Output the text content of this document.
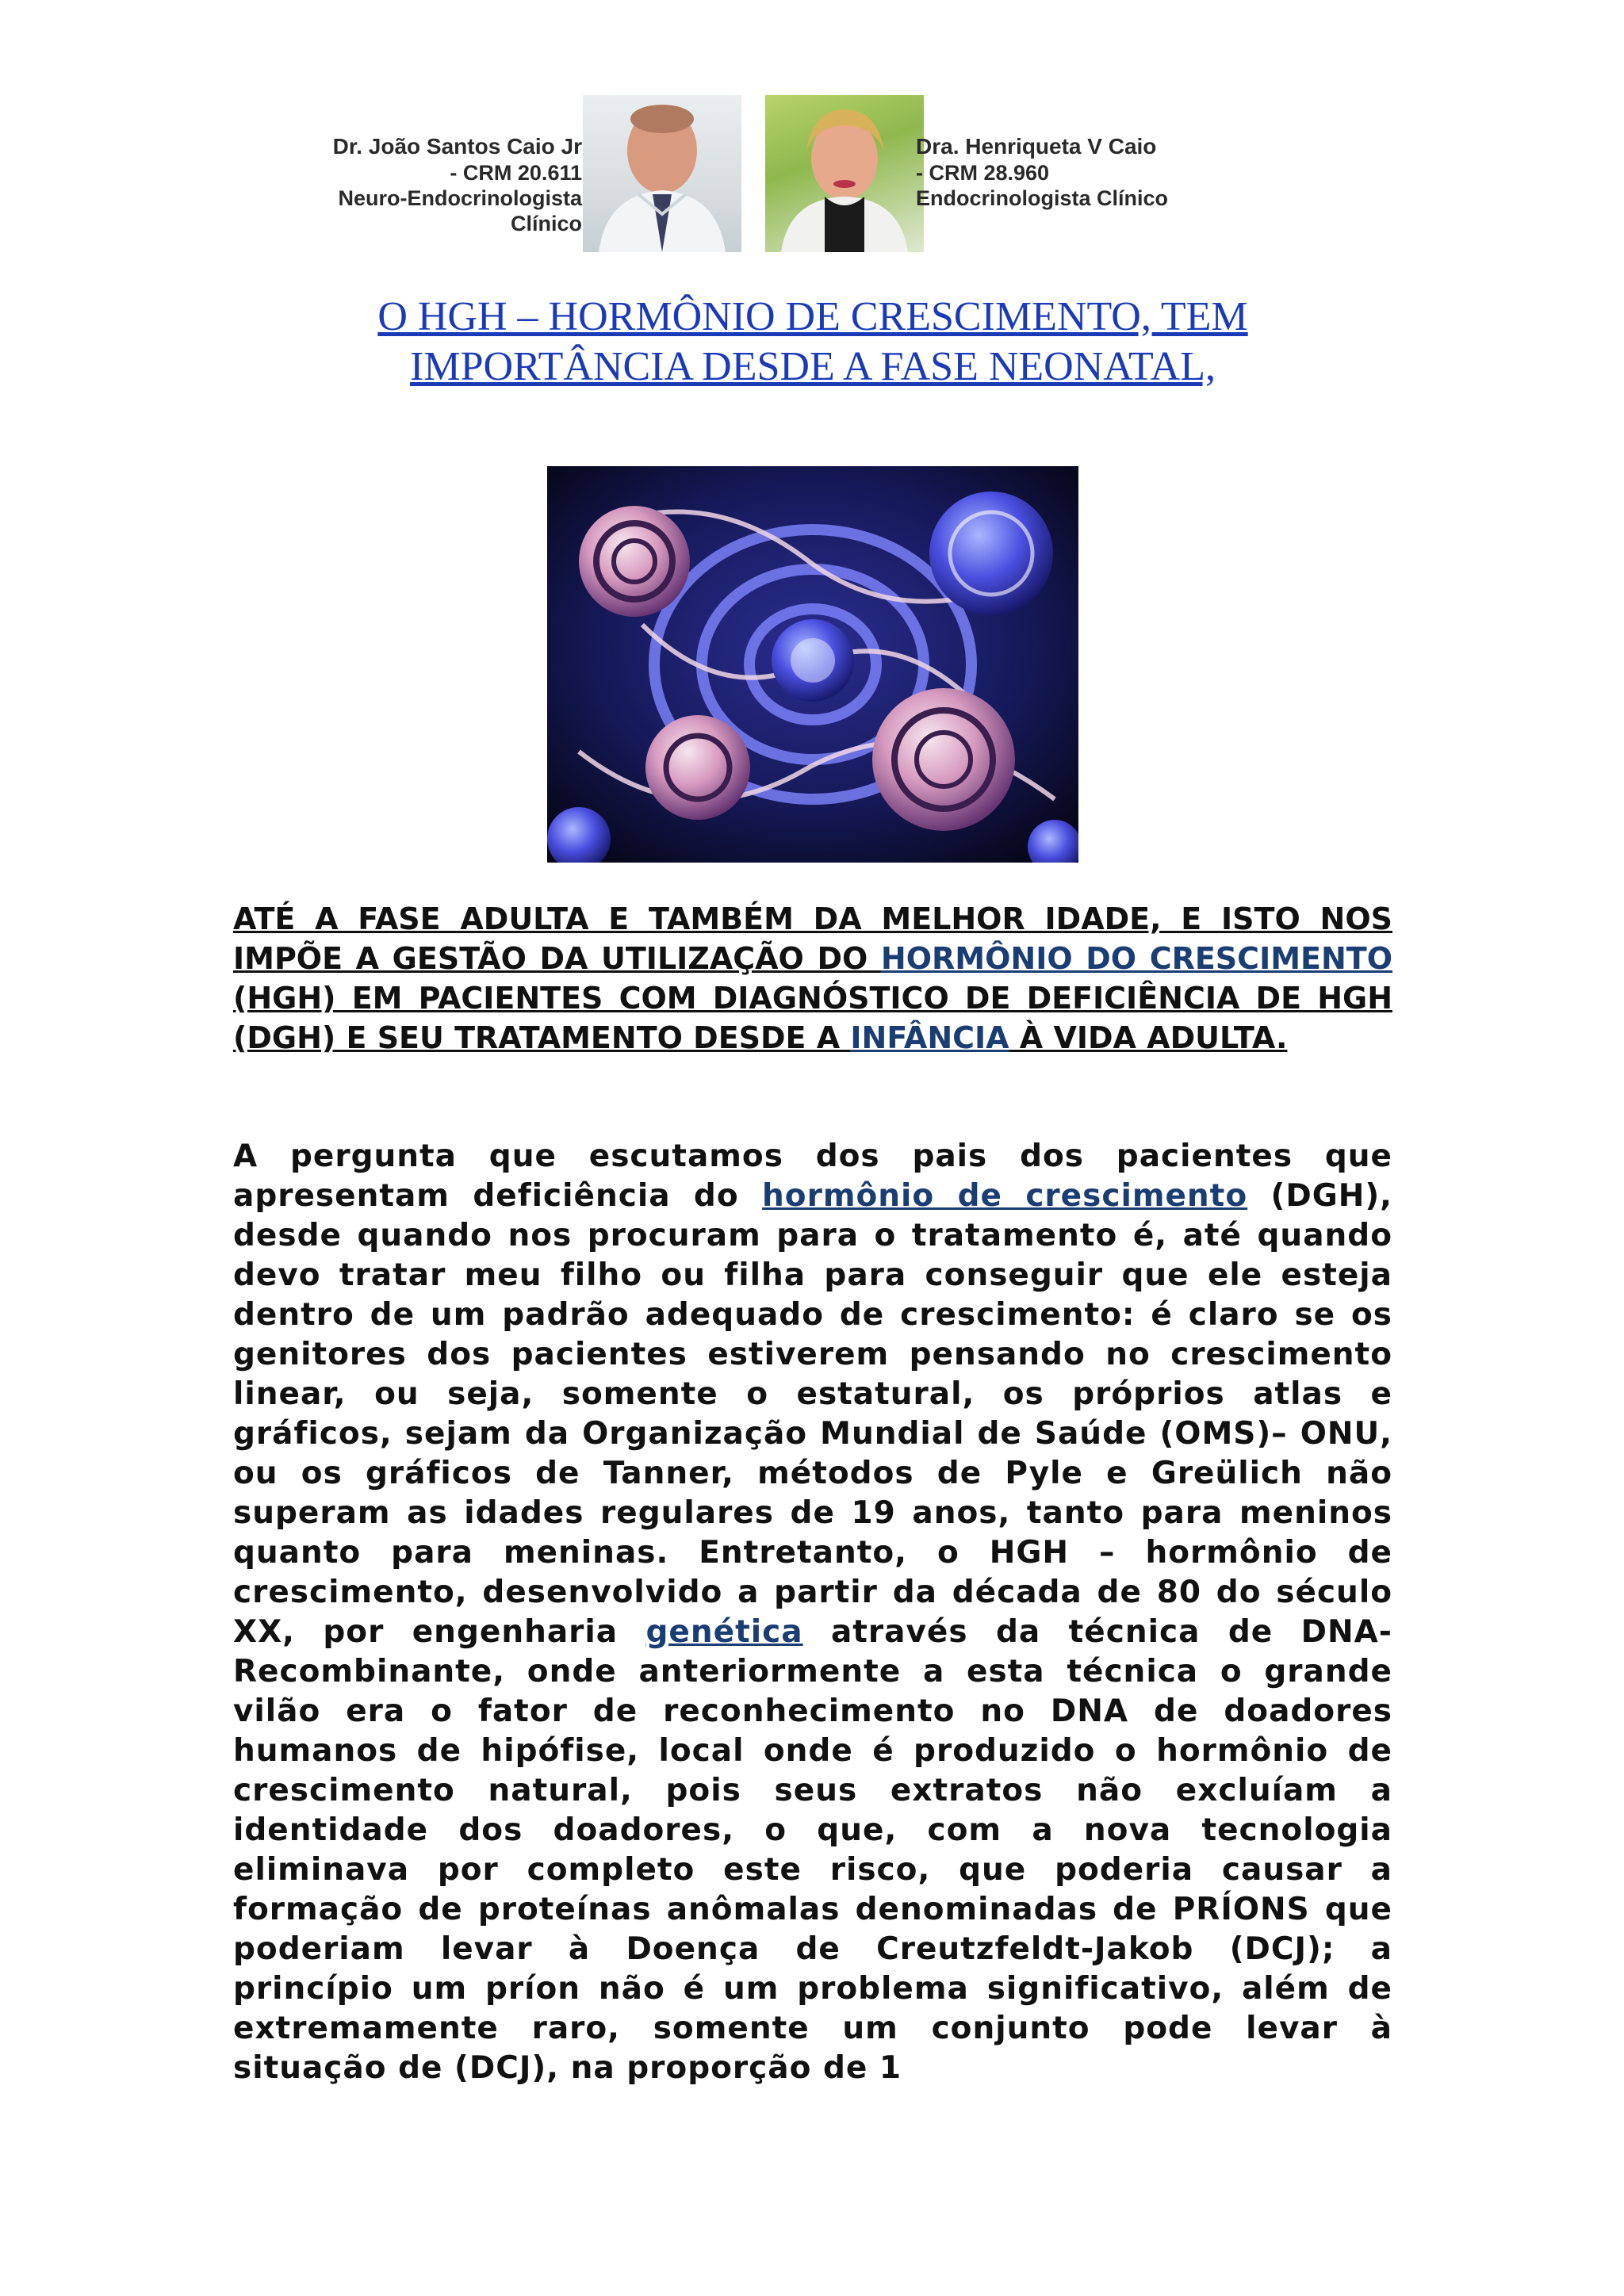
Dr. João Santos Caio Jr
- CRM 20.611
Neuro-Endocrinologista Clínico
Dra. Henriqueta V Caio
- CRM 28.960
Endocrinologista Clínico
O HGH – HORMÔNIO DE CRESCIMENTO, TEM
IMPORTÂNCIA DESDE A FASE NEONATAL,
ATÉ A FASE ADULTA E TAMBÉM DA MELHOR IDADE, E ISTO NOS IMPÕE A GESTÃO DA UTILIZAÇÃO DO HORMÔNIO DO CRESCIMENTO (HGH) EM PACIENTES COM DIAGNÓSTICO DE DEFICIÊNCIA DE HGH (DGH) E SEU TRATAMENTO DESDE A INFÂNCIA À VIDA ADULTA.
A pergunta que escutamos dos pais dos pacientes que apresentam deficiência do hormônio de crescimento (DGH), desde quando nos procuram para o tratamento é, até quando devo tratar meu filho ou filha para conseguir que ele esteja dentro de um padrão adequado de crescimento: é claro se os genitores dos pacientes estiverem pensando no crescimento linear, ou seja, somente o estatural, os próprios atlas e gráficos, sejam da Organização Mundial de Saúde (OMS)– ONU, ou os gráficos de Tanner, métodos de Pyle e Greülich não superam as idades regulares de 19 anos, tanto para meninos quanto para meninas. Entretanto, o HGH – hormônio de crescimento, desenvolvido a partir da década de 80 do século XX, por engenharia genética através da técnica de DNA- Recombinante, onde anteriormente a esta técnica o grande vilão era o fator de reconhecimento no DNA de doadores humanos de hipófise, local onde é produzido o hormônio de crescimento natural, pois seus extratos não excluíam a identidade dos doadores, o que, com a nova tecnologia eliminava por completo este risco, que poderia causar a formação de proteínas anômalas denominadas de PRÍONS que poderiam levar à Doença de Creutzfeldt-Jakob (DCJ); a princípio um príon não é um problema significativo, além de extremamente raro, somente um conjunto pode levar à situação de (DCJ), na proporção de 1
